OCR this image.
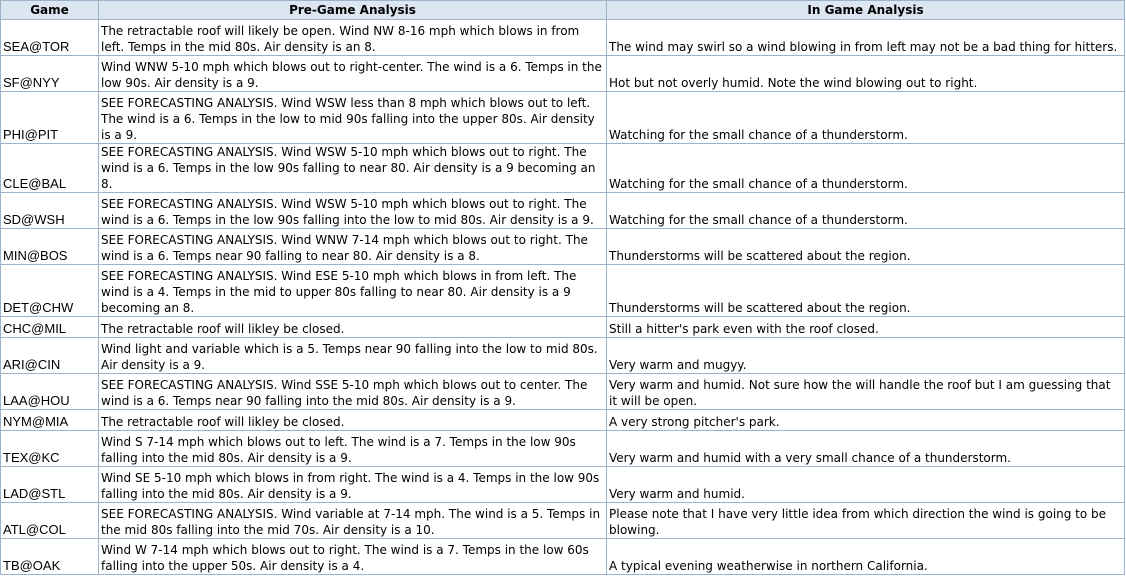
Game	Pre-Game Analysis	In Game Analysis
SEA@TOR	The retractable roof will likely be open. Wind NW 8-16 mph which blows in from left. Temps in the mid 80s. Air density is an 8.	The wind may swirl so a wind blowing in from left may not be a bad thing for hitters.
SF@NYY	Wind WNW 5-10 mph which blows out to right-center. The wind is a 6. Temps in the low 90s. Air density is a 9.	Hot but not overly humid. Note the wind blowing out to right.
PHI@PIT	SEE FORECASTING ANALYSIS. Wind WSW less than 8 mph which blows out to left. The wind is a 6. Temps in the low to mid 90s falling into the upper 80s. Air density is a 9.	Watching for the small chance of a thunderstorm.
CLE@BAL	SEE FORECASTING ANALYSIS. Wind WSW 5-10 mph which blows out to right. The wind is a 6. Temps in the low 90s falling to near 80. Air density is a 9 becoming an 8.	Watching for the small chance of a thunderstorm.
SD@WSH	SEE FORECASTING ANALYSIS. Wind WSW 5-10 mph which blows out to right. The wind is a 6. Temps in the low 90s falling into the low to mid 80s. Air density is a 9.	Watching for the small chance of a thunderstorm.
MIN@BOS	SEE FORECASTING ANALYSIS. Wind WNW 7-14 mph which blows out to right. The wind is a 6. Temps near 90 falling to near 80. Air density is a 8.	Thunderstorms will be scattered about the region.
DET@CHW	SEE FORECASTING ANALYSIS. Wind ESE 5-10 mph which blows in from left. The wind is a 4. Temps in the mid to upper 80s falling to near 80. Air density is a 9 becoming an 8.	Thunderstorms will be scattered about the region.
CHC@MIL	The retractable roof will likley be closed.	Still a hitter's park even with the roof closed.
ARI@CIN	Wind light and variable which is a 5. Temps near 90 falling into the low to mid 80s. Air density is a 9.	Very warm and mugyy.
LAA@HOU	SEE FORECASTING ANALYSIS. Wind SSE 5-10 mph which blows out to center. The wind is a 6. Temps near 90 falling into the mid 80s. Air density is a 9.	Very warm and humid. Not sure how the will handle the roof but I am guessing that it will be open.
NYM@MIA	The retractable roof will likley be closed.	A very strong pitcher's park.
TEX@KC	Wind S 7-14 mph which blows out to left. The wind is a 7. Temps in the low 90s falling into the mid 80s. Air density is a 9.	Very warm and humid with a very small chance of a thunderstorm.
LAD@STL	Wind SE 5-10 mph which blows in from right. The wind is a 4. Temps in the low 90s falling into the mid 80s. Air density is a 9.	Very warm and humid.
ATL@COL	SEE FORECASTING ANALYSIS. Wind variable at 7-14 mph. The wind is a 5. Temps in the mid 80s falling into the mid 70s. Air density is a 10.	Please note that I have very little idea from which direction the wind is going to be blowing.
TB@OAK	Wind W 7-14 mph which blows out to right. The wind is a 7. Temps in the low 60s falling into the upper 50s. Air density is a 4.	A typical evening weatherwise in northern California.
